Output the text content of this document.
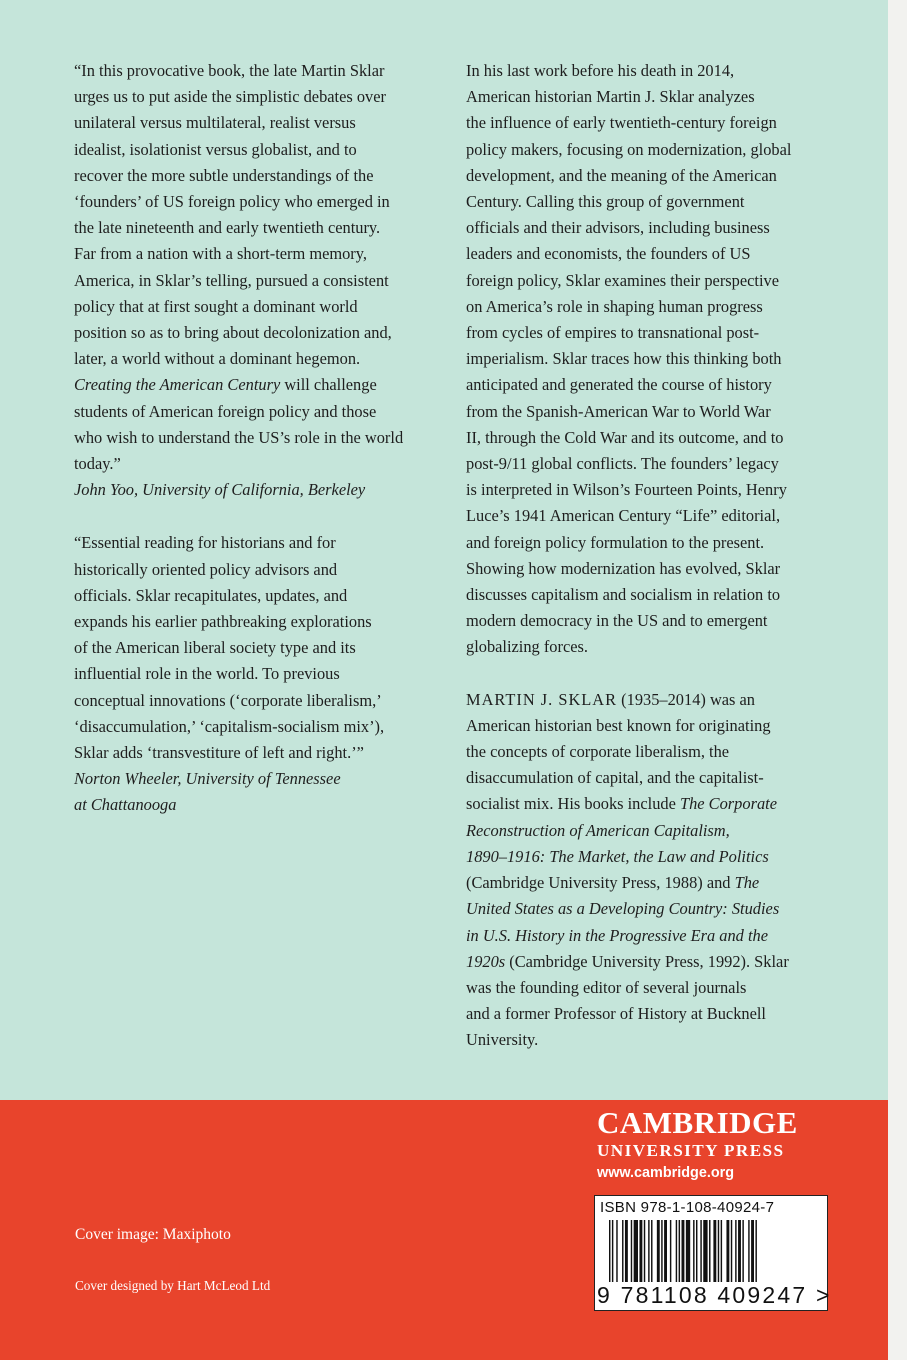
“In this provocative book, the late Martin Sklar

urges us to put aside the simplistic debates over

unilateral versus multilateral, realist versus

idealist, isolationist versus globalist, and to

recover the more subtle understandings of the

‘founders’ of US foreign policy who emerged in

the late nineteenth and early twentieth century.

Far from a nation with a short-term memory,

America, in Sklar’s telling, pursued a consistent

policy that at first sought a dominant world

position so as to bring about decolonization and,

later, a world without a dominant hegemon.

Creating the American Century will challenge

students of American foreign policy and those

who wish to understand the US’s role in the world

today.”

John Yoo, University of California, Berkeley

“Essential reading for historians and for

historically oriented policy advisors and

officials. Sklar recapitulates, updates, and

expands his earlier pathbreaking explorations

of the American liberal society type and its

influential role in the world. To previous

conceptual innovations (‘corporate liberalism,’

‘disaccumulation,’ ‘capitalism-socialism mix’),

Sklar adds ‘transvestiture of left and right.’”

Norton Wheeler, University of Tennessee

at Chattanooga

In his last work before his death in 2014,

American historian Martin J. Sklar analyzes

the influence of early twentieth-century foreign

policy makers, focusing on modernization, global

development, and the meaning of the American

Century. Calling this group of government

officials and their advisors, including business

leaders and economists, the founders of US

foreign policy, Sklar examines their perspective

on America’s role in shaping human progress

from cycles of empires to transnational post-

imperialism. Sklar traces how this thinking both

anticipated and generated the course of history

from the Spanish-American War to World War

II, through the Cold War and its outcome, and to

post-9/11 global conflicts. The founders’ legacy

is interpreted in Wilson’s Fourteen Points, Henry

Luce’s 1941 American Century “Life” editorial,

and foreign policy formulation to the present.

Showing how modernization has evolved, Sklar

discusses capitalism and socialism in relation to

modern democracy in the US and to emergent

globalizing forces.

MARTIN J. SKLAR (1935–2014) was an

American historian best known for originating

the concepts of corporate liberalism, the

disaccumulation of capital, and the capitalist-

socialist mix. His books include The Corporate

Reconstruction of American Capitalism,

1890–1916: The Market, the Law and Politics

(Cambridge University Press, 1988) and The

United States as a Developing Country: Studies

in U.S. History in the Progressive Era and the

1920s (Cambridge University Press, 1992). Sklar

was the founding editor of several journals

and a former Professor of History at Bucknell

University.

Cover image: Maxiphoto
Cover designed by Hart McLeod Ltd
CAMBRIDGE
UNIVERSITY PRESS
www.cambridge.org
ISBN 978-1-108-40924-7
9 781108 409247 >
